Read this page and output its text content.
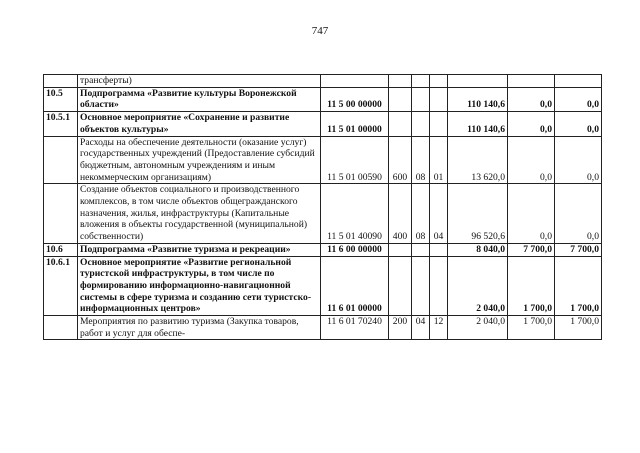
747
	трансферты)							
10.5	Подпрограмма «Развитие культуры Воронежской области»	11 5 00 00000				110 140,6	0,0	0,0
10.5.1	Основное мероприятие «Сохранение и развитие объектов культуры»	11 5 01 00000				110 140,6	0,0	0,0
	Расходы на обеспечение деятельности (оказание услуг) государственных учреждений (Предоставление субсидий бюджетным, автономным учреждениям и иным некоммерческим организациям)	11 5 01 00590	600	08	01	13 620,0	0,0	0,0
	Создание объектов социального и производственного комплексов, в том числе объектов общегражданского назначения, жилья, инфраструктуры (Капитальные вложения в объекты государственной (муниципальной) собственности)	11 5 01 40090	400	08	04	96 520,6	0,0	0,0
10.6	Подпрограмма «Развитие туризма и рекреации»	11 6 00 00000				8 040,0	7 700,0	7 700,0
10.6.1	Основное мероприятие «Развитие региональной туристской инфраструктуры, в том числе по формированию информационно-навигационной системы в сфере туризма и созданию сети туристско-информационных центров»	11 6 01 00000				2 040,0	1 700,0	1 700,0
	Мероприятия по развитию туризма (Закупка товаров, работ и услуг для обеспе-	11 6 01 70240	200	04	12	2 040,0	1 700,0	1 700,0
